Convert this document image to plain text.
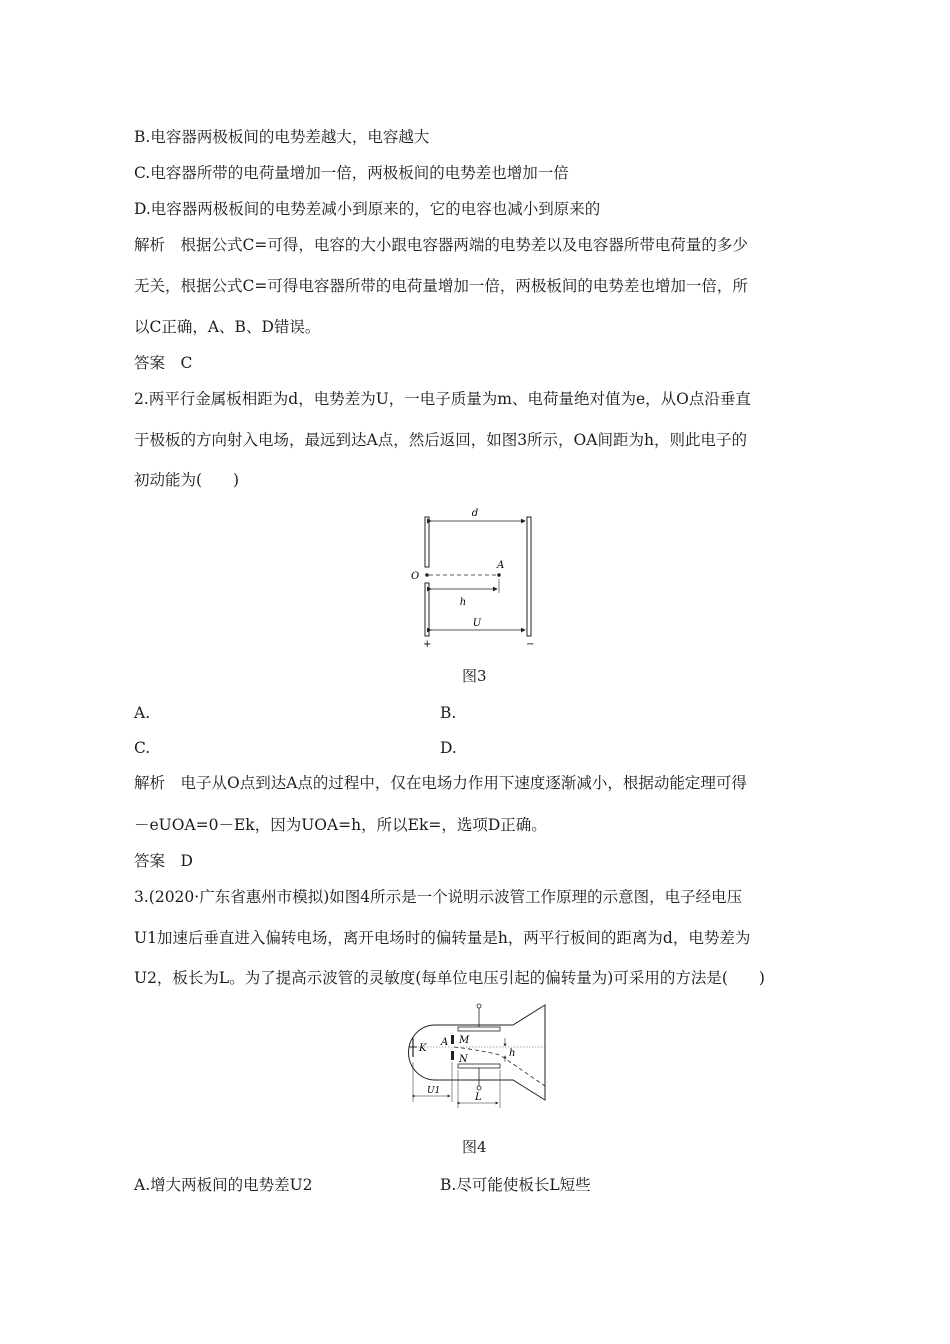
B.电容器两极板间的电势差越大，电容越大
C.电容器所带的电荷量增加一倍，两极板间的电势差也增加一倍
D.电容器两极板间的电势差减小到原来的，它的电容也减小到原来的
解析　根据公式C=可得，电容的大小跟电容器两端的电势差以及电容器所带电荷量的多少
无关，根据公式C=可得电容器所带的电荷量增加一倍，两极板间的电势差也增加一倍，所
以C正确，A、B、D错误。
答案　C
2.两平行金属板相距为d，电势差为U，一电子质量为m、电荷量绝对值为e，从O点沿垂直
于极板的方向射入电场，最远到达A点，然后返回，如图3所示，OA间距为h，则此电子的
初动能为(　　)
d
O
A
h
U
+	−
图3
A.	B.
C.	D.
解析　电子从O点到达A点的过程中，仅在电场力作用下速度逐渐减小，根据动能定理可得
－eUOA=0－Ek，因为UOA=h，所以Ek=，选项D正确。
答案　D
3.(2020·广东省惠州市模拟)如图4所示是一个说明示波管工作原理的示意图，电子经电压
U1加速后垂直进入偏转电场，离开电场时的偏转量是h，两平行板间的距离为d，电势差为
U2，板长为L。为了提高示波管的灵敏度(每单位电压引起的偏转量为)可采用的方法是(　　)
K
A M
N
h
U1
L
图4
A.增大两板间的电势差U2	B.尽可能使板长L短些
